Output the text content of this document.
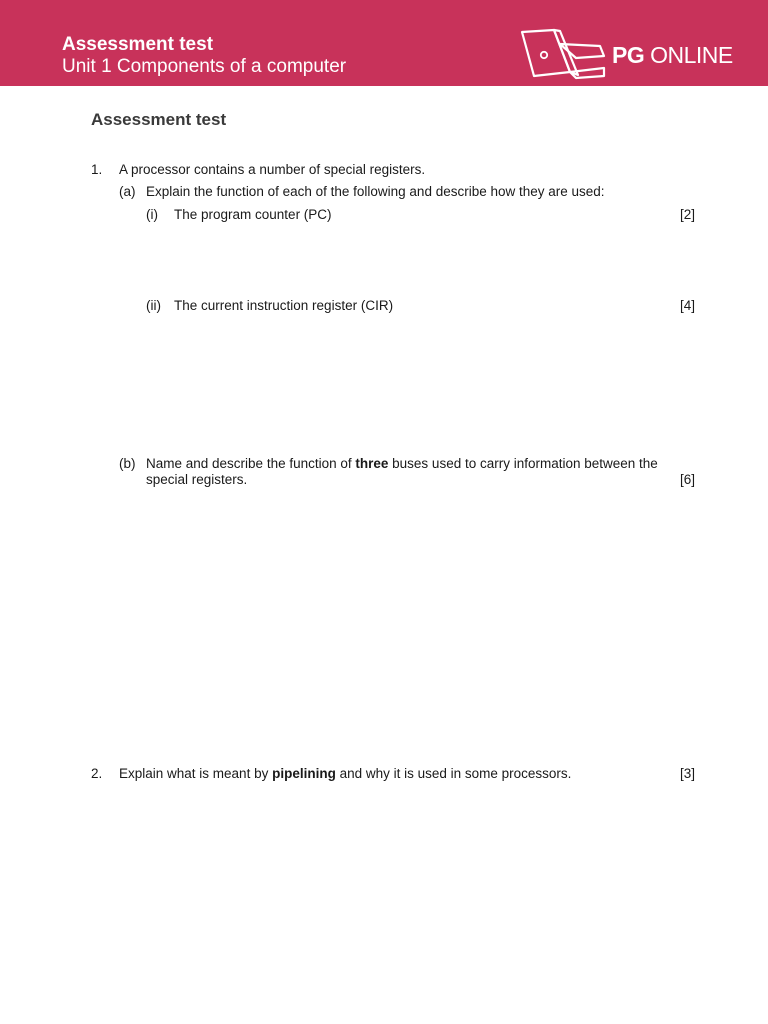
Assessment test
Unit 1 Components of a computer	PG ONLINE
Assessment test
1. A processor contains a number of special registers.
(a) Explain the function of each of the following and describe how they are used:
(i) The program counter (PC)	[2]
(ii) The current instruction register (CIR)	[4]
(b) Name and describe the function of three buses used to carry information between the
special registers.	[6]
2. Explain what is meant by pipelining and why it is used in some processors.	[3]
